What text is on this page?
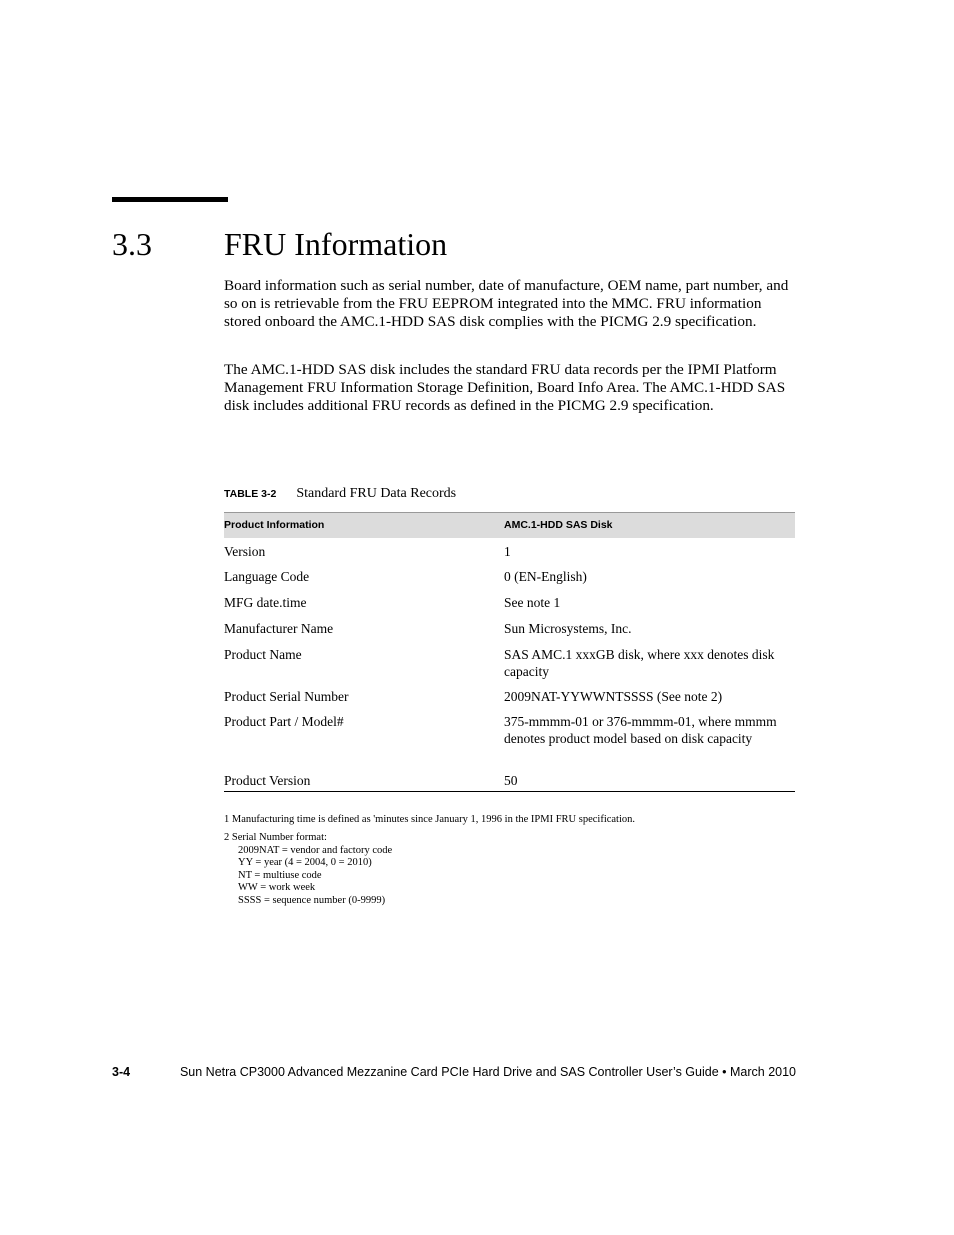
3.3 FRU Information

Board information such as serial number, date of manufacture, OEM name, part number, and so on is retrievable from the FRU EEPROM integrated into the MMC. FRU information stored onboard the AMC.1-HDD SAS disk complies with the PICMG 2.9 specification.

The AMC.1-HDD SAS disk includes the standard FRU data records per the IPMI Platform Management FRU Information Storage Definition, Board Info Area. The AMC.1-HDD SAS disk includes additional FRU records as defined in the PICMG 2.9 specification.

TABLE 3-2 Standard FRU Data Records
Product Information	AMC.1-HDD SAS Disk
Version	1
Language Code	0 (EN-English)
MFG date.time	See note 1
Manufacturer Name	Sun Microsystems, Inc.
Product Name	SAS AMC.1 xxxGB disk, where xxx denotes disk capacity
Product Serial Number	2009NAT-YYWWNTSSSS (See note 2)
Product Part / Model#	375-mmmm-01 or 376-mmmm-01, where mmmm denotes product model based on disk capacity
Product Version	50
1 Manufacturing time is defined as 'minutes since January 1, 1996 in the IPMI FRU specification.
2 Serial Number format:
2009NAT = vendor and factory code
YY = year (4 = 2004, 0 = 2010)
NT = multiuse code
WW = work week
SSSS = sequence number (0-9999)
3-4	Sun Netra CP3000 Advanced Mezzanine Card PCIe Hard Drive and SAS Controller User’s Guide • March 2010
